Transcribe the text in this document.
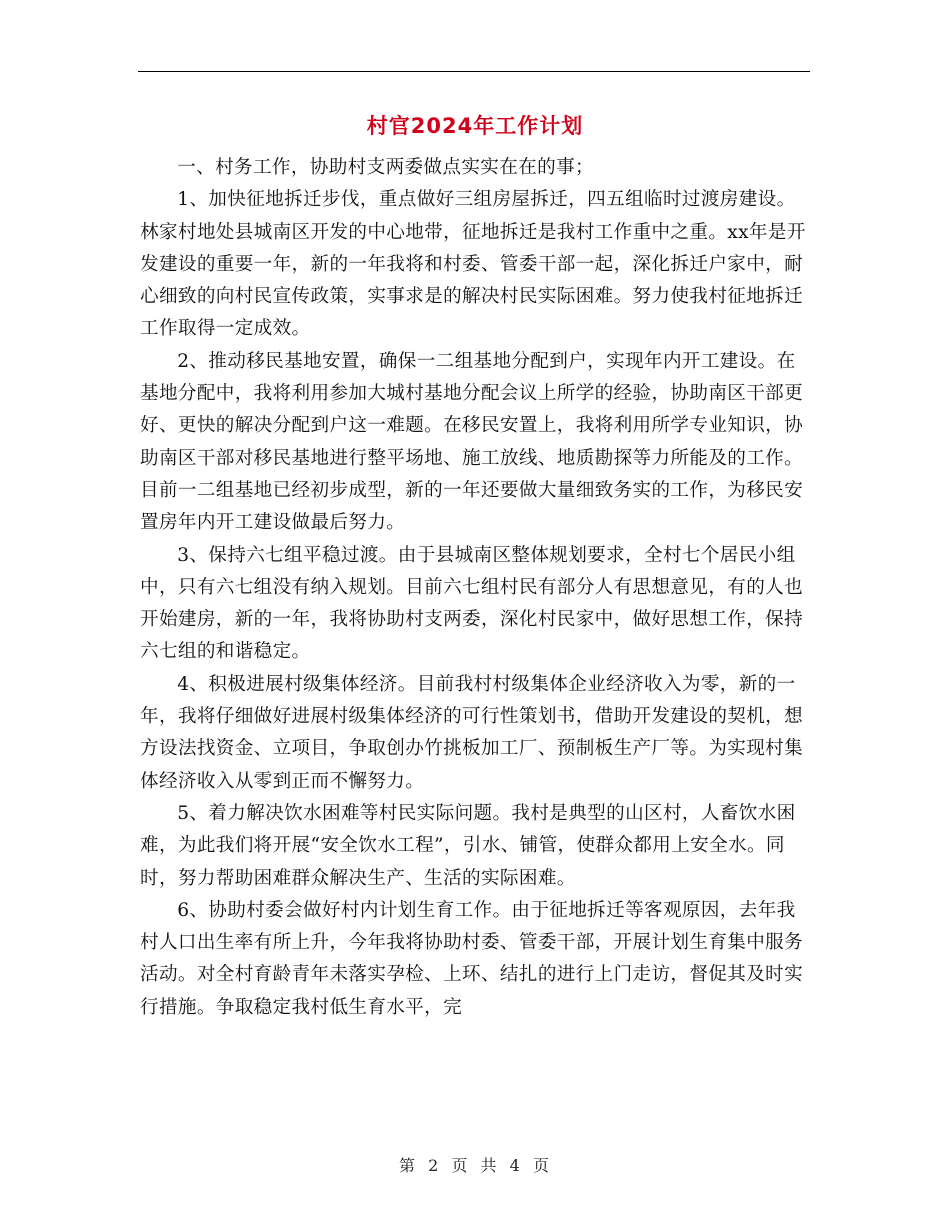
村官2024年工作计划

一、村务工作，协助村支两委做点实实在在的事；

1、加快征地拆迁步伐，重点做好三组房屋拆迁，四五组临时过渡房建设。林家村地处县城南区开发的中心地带，征地拆迁是我村工作重中之重。xx年是开发建设的重要一年，新的一年我将和村委、管委干部一起，深化拆迁户家中，耐心细致的向村民宣传政策，实事求是的解决村民实际困难。努力使我村征地拆迁工作取得一定成效。

2、推动移民基地安置，确保一二组基地分配到户，实现年内开工建设。在基地分配中，我将利用参加大城村基地分配会议上所学的经验，协助南区干部更好、更快的解决分配到户这一难题。在移民安置上，我将利用所学专业知识，协助南区干部对移民基地进行整平场地、施工放线、地质勘探等力所能及的工作。目前一二组基地已经初步成型，新的一年还要做大量细致务实的工作，为移民安置房年内开工建设做最后努力。

3、保持六七组平稳过渡。由于县城南区整体规划要求，全村七个居民小组中，只有六七组没有纳入规划。目前六七组村民有部分人有思想意见，有的人也开始建房，新的一年，我将协助村支两委，深化村民家中，做好思想工作，保持六七组的和谐稳定。

4、积极进展村级集体经济。目前我村村级集体企业经济收入为零，新的一年，我将仔细做好进展村级集体经济的可行性策划书，借助开发建设的契机，想方设法找资金、立项目，争取创办竹挑板加工厂、预制板生产厂等。为实现村集体经济收入从零到正而不懈努力。

5、着力解决饮水困难等村民实际问题。我村是典型的山区村，人畜饮水困难，为此我们将开展“安全饮水工程”，引水、铺管，使群众都用上安全水。同时，努力帮助困难群众解决生产、生活的实际困难。

6、协助村委会做好村内计划生育工作。由于征地拆迁等客观原因，去年我村人口出生率有所上升，今年我将协助村委、管委干部，开展计划生育集中服务活动。对全村育龄青年未落实孕检、上环、结扎的进行上门走访，督促其及时实行措施。争取稳定我村低生育水平，完

第 2 页 共 4 页
